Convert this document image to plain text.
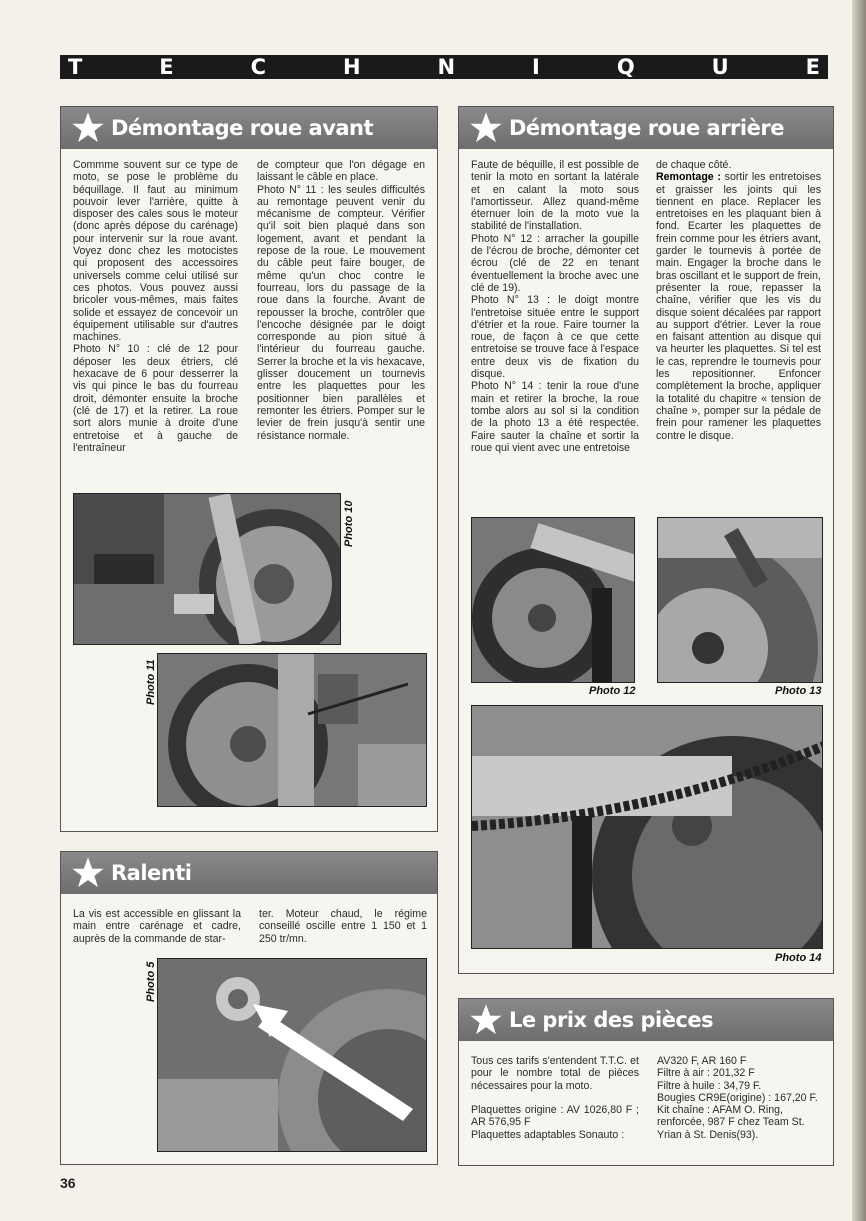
T	E	C	H	N	I	Q	U	E
Démontage roue avant
Commme souvent sur ce type de moto, se pose le problème du béquillage. Il faut au minimum pouvoir lever l'arrière, quitte à disposer des cales sous le moteur (donc après dépose du carénage) pour intervenir sur la roue avant. Voyez donc chez les motocistes qui proposent des accessoires universels comme celui utilisé sur ces photos. Vous pouvez aussi bricoler vous-mêmes, mais faites solide et essayez de concevoir un équipement utilisable sur d'autres machines.
Photo N° 10 : clé de 12 pour déposer les deux étriers, clé hexacave de 6 pour desserrer la vis qui pince le bas du fourreau droit, démonter ensuite la broche (clé de 17) et la retirer. La roue sort alors munie à droite d'une entretoise et à gauche de l'entraîneur
de compteur que l'on dégage en laissant le câble en place.
Photo N° 11 : les seules difficultés au remontage peuvent venir du mécanisme de compteur. Vérifier qu'il soit bien plaqué dans son logement, avant et pendant la repose de la roue. Le mouvement du câble peut faire bouger, de même qu'un choc contre le fourreau, lors du passage de la roue dans la fourche. Avant de repousser la broche, contrôler que l'encoche désignée par le doigt corresponde au pion situé à l'intérieur du fourreau gauche. Serrer la broche et la vis hexacave, glisser doucement un tournevis entre les plaquettes pour les positionner bien parallèles et remonter les étriers. Pomper sur le levier de frein jusqu'à sentir une résistance normale.
Photo 10
Photo 11
Démontage roue arrière
Faute de béquille, il est possible de tenir la moto en sortant la latérale et en calant la moto sous l'amortisseur. Allez quand-même éternuer loin de la moto vue la stabilité de l'installation.
Photo N° 12 : arracher la goupille de l'écrou de broche, démonter cet écrou (clé de 22 en tenant éventuellement la broche avec une clé de 19).
Photo N° 13 : le doigt montre l'entretoise située entre le support d'étrier et la roue. Faire tourner la roue, de façon à ce que cette entretoise se trouve face à l'espace entre deux vis de fixation du disque.
Photo N° 14 : tenir la roue d'une main et retirer la broche, la roue tombe alors au sol si la condition de la photo 13 a été respectée. Faire sauter la chaîne et sortir la roue qui vient avec une entretoise

de chaque côté.
Remontage : sortir les entretoises et graisser les joints qui les tiennent en place. Replacer les entretoises en les plaquant bien à fond. Ecarter les plaquettes de frein comme pour les étriers avant, garder le tournevis à portée de main. Engager la broche dans le bras oscillant et le support de frein, présenter la roue, repasser la chaîne, vérifier que les vis du disque soient décalées par rapport au support d'étrier. Lever la roue en faisant attention au disque qui va heurter les plaquettes. Si tel est le cas, reprendre le tournevis pour les repositionner. Enfoncer complètement la broche, appliquer la totalité du chapitre « tension de chaîne », pomper sur la pédale de frein pour ramener les plaquettes contre le disque.

Photo 12	Photo 13
Photo 14
Ralenti
La vis est accessible en glissant la main entre carénage et cadre, auprès de la commande de star-
ter. Moteur chaud, le régime conseillé oscille entre 1 150 et 1 250 tr/mn.
Photo 5
Le prix des pièces
Tous ces tarifs s'entendent T.T.C. et pour le nombre total de pièces nécessaires pour la moto.

Plaquettes origine : AV 1026,80 F ; AR 576,95 F
Plaquettes adaptables Sonauto :
AV320 F, AR 160 F
Filtre à air : 201,32 F
Filtre à huile : 34,79 F.
Bougies CR9E(origine) : 167,20 F.
Kit chaîne : AFAM O. Ring, renforcée, 987 F chez Team St. Yrian à St. Denis(93).
36
